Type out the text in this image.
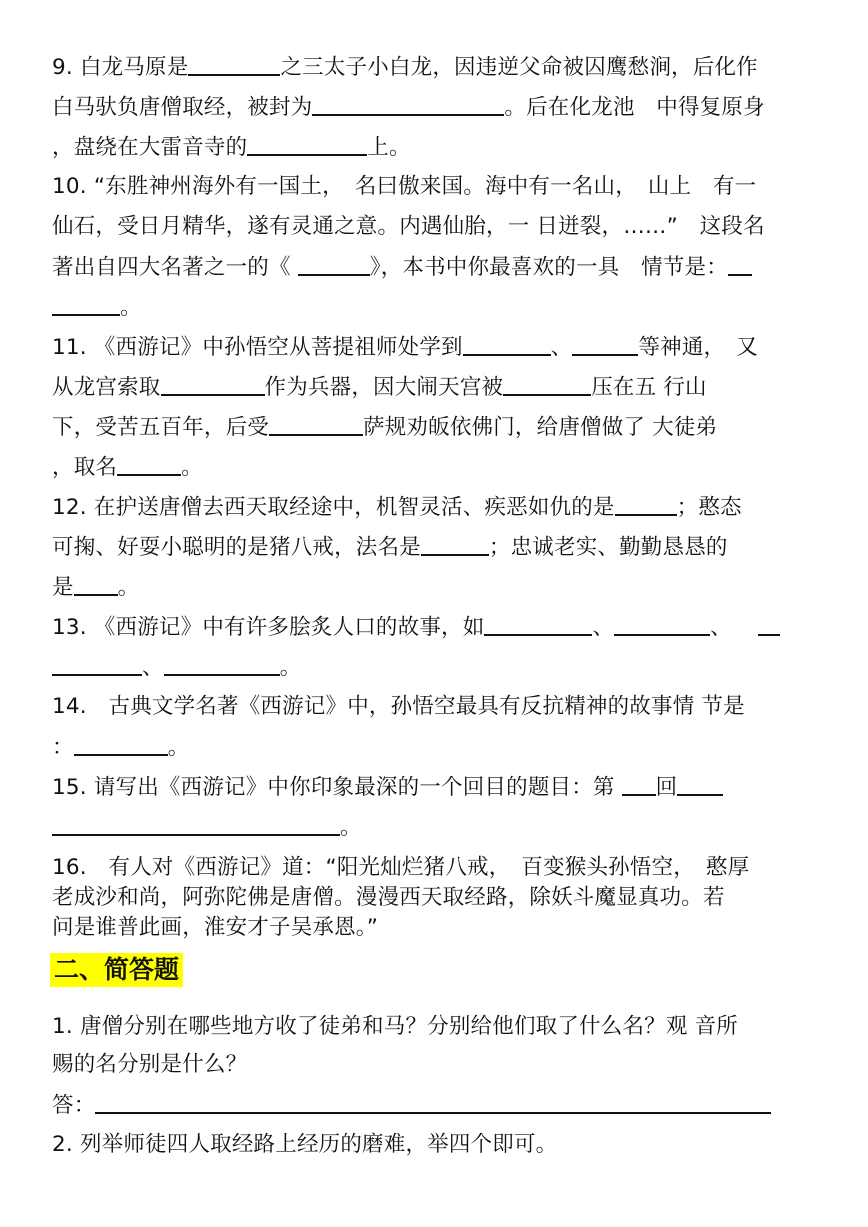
9. 白龙马原是	之三太子小白龙，因违逆父命被囚鹰愁涧，后化作
白马驮负唐僧取经，被封为	。后在化龙池　中得复原身
，盘绕在大雷音寺的	上。
10. “东胜神州海外有一国土，　名曰傲来国。海中有一名山，　山上　有一
仙石，受日月精华，遂有灵通之意。内遇仙胎，一 日迸裂，……”　这段名
著出自四大名著之一的《	》，本书中你最喜欢的一具　情节是：
。
11. 《西游记》中孙悟空从菩提祖师处学到	、	等神通，　又
从龙宫索取	作为兵器，因大闹天宫被	压在五 行山
下，受苦五百年，后受	萨规劝皈依佛门，给唐僧做了 大徒弟
，取名	。
12. 在护送唐僧去西天取经途中，机智灵活、疾恶如仇的是	；憨态
可掬、好耍小聪明的是猪八戒，法名是	；忠诚老实、勤勤恳恳的
是 。
13. 《西游记》中有许多脍炙人口的故事，如	、	、
、	。
14.　古典文学名著《西游记》中，孙悟空最具有反抗精神的故事情 节是
：	。
15. 请写出《西游记》中你印象最深的一个回目的题目：第 回
。
16.　有人对《西游记》道：“阳光灿烂猪八戒，　百变猴头孙悟空，　憨厚
老成沙和尚，阿弥陀佛是唐僧。漫漫西天取经路，除妖斗魔显真功。若
问是谁普此画，淮安才子吴承恩。”
二、简答题
1. 唐僧分别在哪些地方收了徒弟和马？分别给他们取了什么名？观 音所
赐的名分别是什么？
答：
2. 列举师徒四人取经路上经历的磨难，举四个即可。
